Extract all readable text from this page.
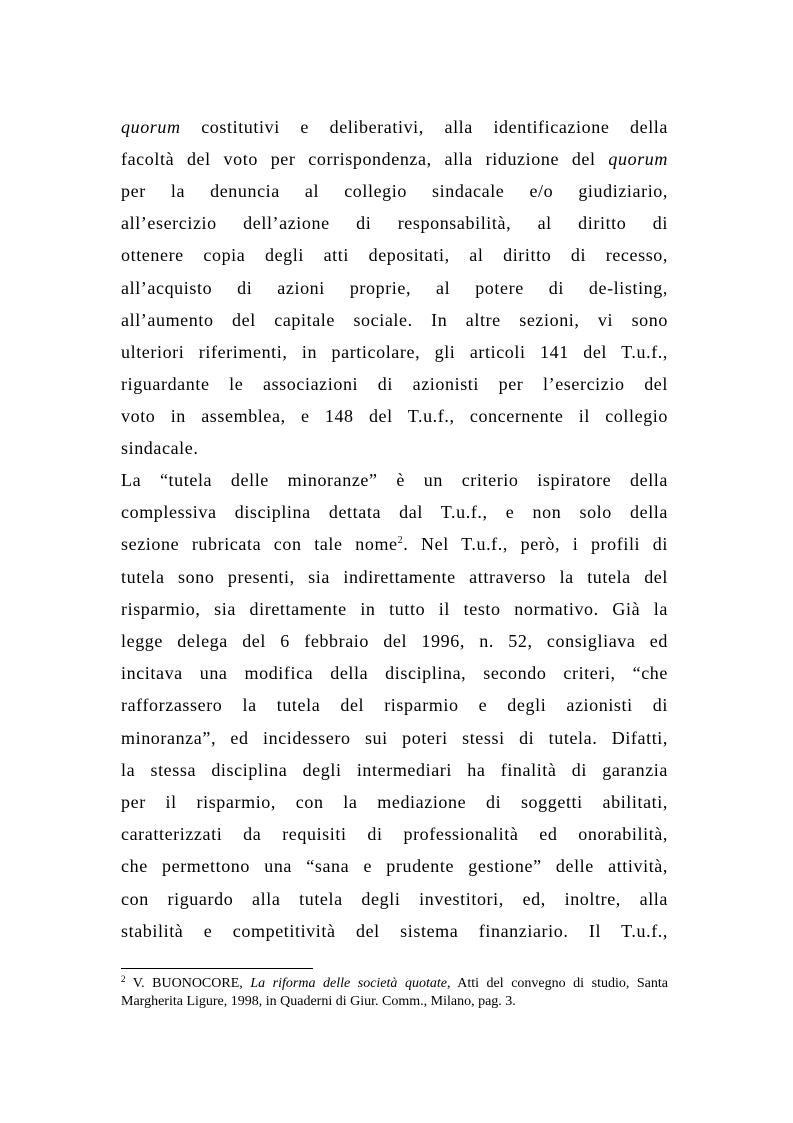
quorum costitutivi e deliberativi, alla identificazione della
facoltà del voto per corrispondenza, alla riduzione del quorum
per la denuncia al collegio sindacale e/o giudiziario,
all’esercizio dell’azione di responsabilità, al diritto di
ottenere copia degli atti depositati, al diritto di recesso,
all’acquisto di azioni proprie, al potere di de-listing,
all’aumento del capitale sociale. In altre sezioni, vi sono
ulteriori riferimenti, in particolare, gli articoli 141 del T.u.f.,
riguardante le associazioni di azionisti per l’esercizio del
voto in assemblea, e 148 del T.u.f., concernente il collegio
sindacale.
La “tutela delle minoranze” è un criterio ispiratore della
complessiva disciplina dettata dal T.u.f., e non solo della
sezione rubricata con tale nome$^2$. Nel T.u.f., però, i profili di
tutela sono presenti, sia indirettamente attraverso la tutela del
risparmio, sia direttamente in tutto il testo normativo. Già la
legge delega del 6 febbraio del 1996, n. 52, consigliava ed
incitava una modifica della disciplina, secondo criteri, “che
rafforzassero la tutela del risparmio e degli azionisti di
minoranza”, ed incidessero sui poteri stessi di tutela. Difatti,
la stessa disciplina degli intermediari ha finalità di garanzia
per il risparmio, con la mediazione di soggetti abilitati,
caratterizzati da requisiti di professionalità ed onorabilità,
che permettono una “sana e prudente gestione” delle attività,
con riguardo alla tutela degli investitori, ed, inoltre, alla
stabilità e competitività del sistema finanziario. Il T.u.f.,
$^2$ V. BUONOCORE, La riforma delle società quotate, Atti del convegno di studio, Santa
Margherita Ligure, 1998, in Quaderni di Giur. Comm., Milano, pag. 3.
